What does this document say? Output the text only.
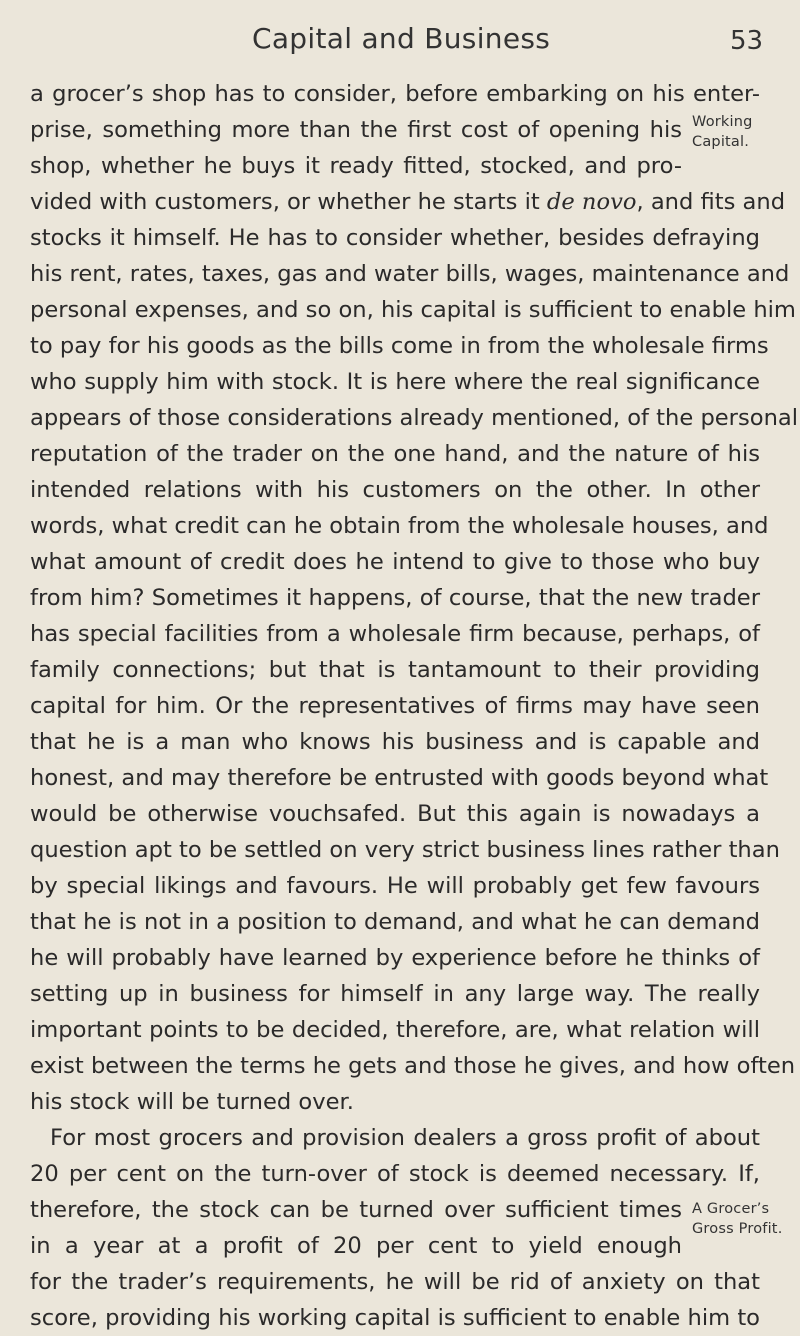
Capital and Business	53
a grocer’s shop has to consider, before embarking on his enter-
prise, something more than the first cost of opening his
shop, whether he buys it ready fitted, stocked, and pro-
vided with customers, or whether he starts it de novo, and fits and
stocks it himself. He has to consider whether, besides defraying
his rent, rates, taxes, gas and water bills, wages, maintenance and
personal expenses, and so on, his capital is sufficient to enable him
to pay for his goods as the bills come in from the wholesale firms
who supply him with stock. It is here where the real significance
appears of those considerations already mentioned, of the personal
reputation of the trader on the one hand, and the nature of his
intended relations with his customers on the other. In other
words, what credit can he obtain from the wholesale houses, and
what amount of credit does he intend to give to those who buy
from him? Sometimes it happens, of course, that the new trader
has special facilities from a wholesale firm because, perhaps, of
family connections; but that is tantamount to their providing
capital for him. Or the representatives of firms may have seen
that he is a man who knows his business and is capable and
honest, and may therefore be entrusted with goods beyond what
would be otherwise vouchsafed. But this again is nowadays a
question apt to be settled on very strict business lines rather than
by special likings and favours. He will probably get few favours
that he is not in a position to demand, and what he can demand
he will probably have learned by experience before he thinks of
setting up in business for himself in any large way. The really
important points to be decided, therefore, are, what relation will
exist between the terms he gets and those he gives, and how often
his stock will be turned over.
For most grocers and provision dealers a gross profit of about
20 per cent on the turn-over of stock is deemed necessary. If,
therefore, the stock can be turned over sufficient times
in a year at a profit of 20 per cent to yield enough
for the trader’s requirements, he will be rid of anxiety on that
score, providing his working capital is sufficient to enable him to
Working
Capital.
A Grocer’s
Gross Profit.
